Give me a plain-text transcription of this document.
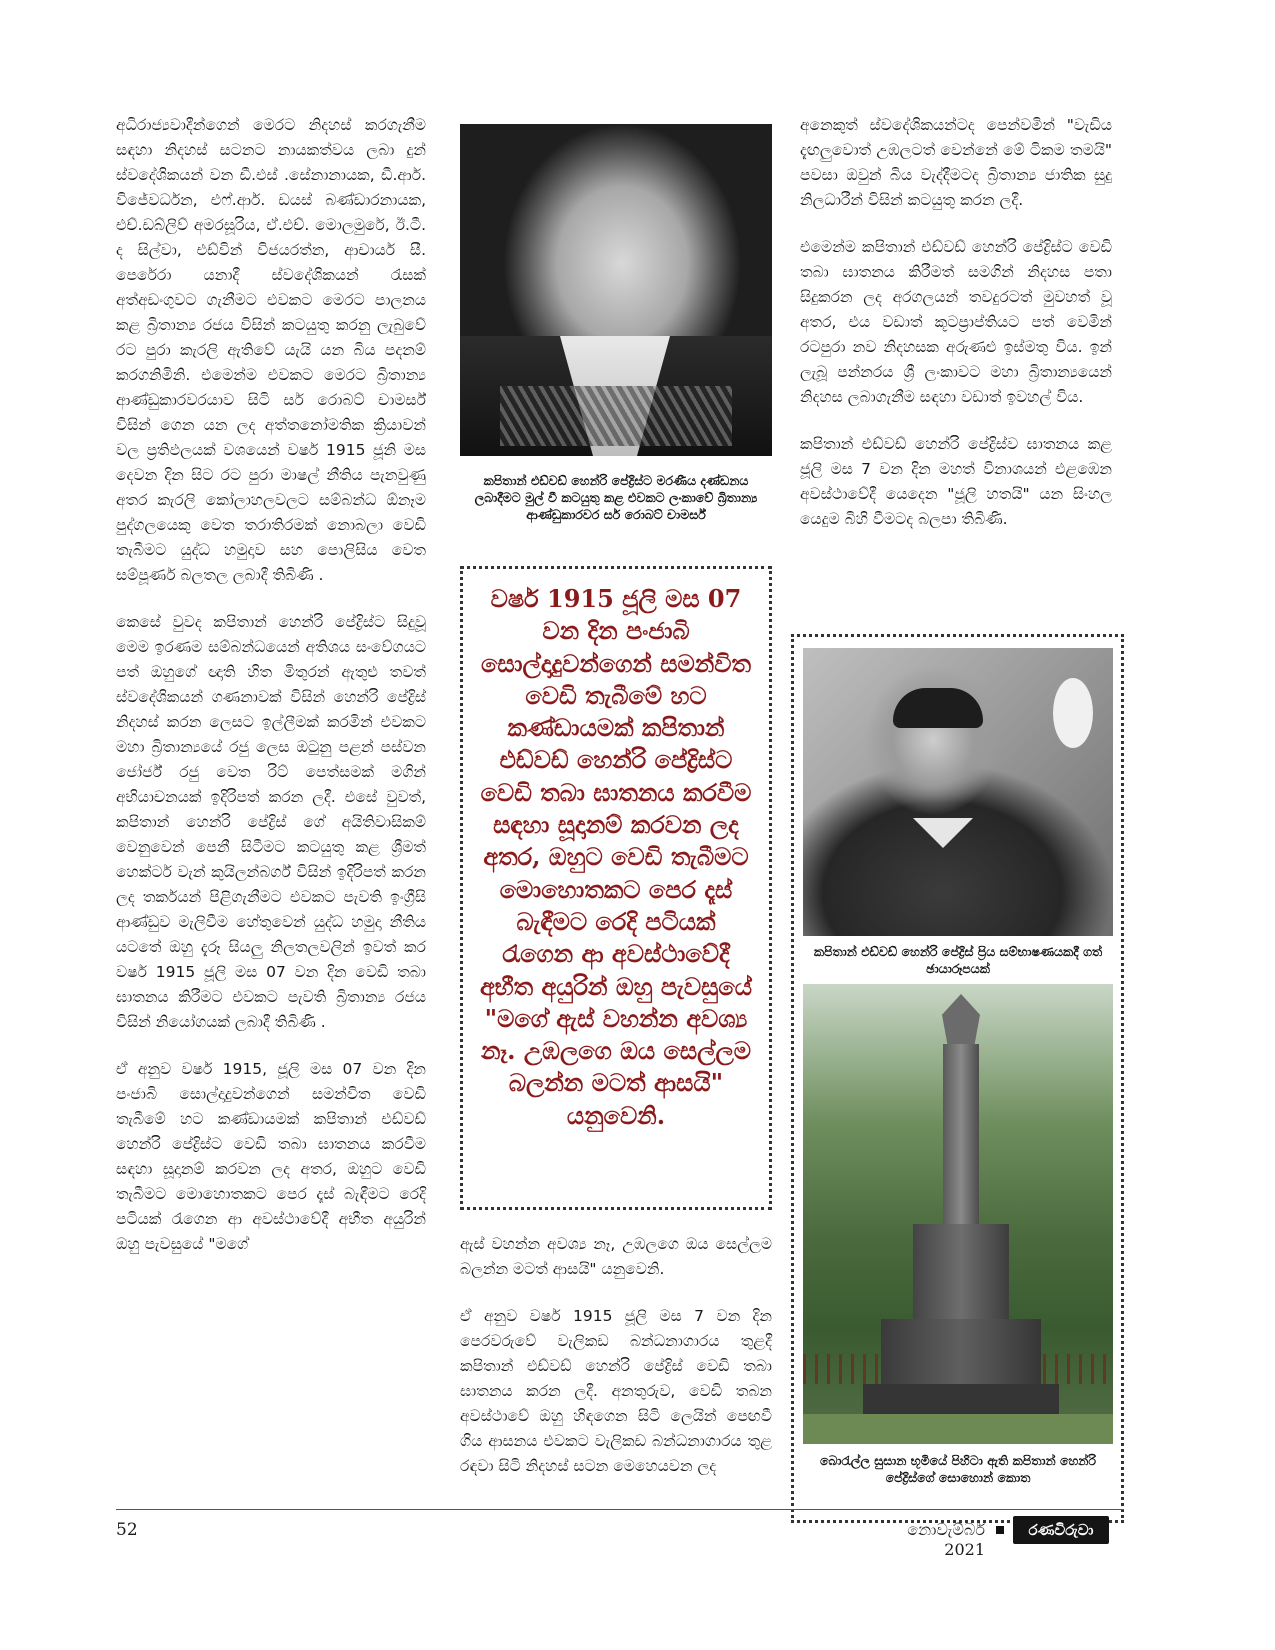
අධිරාජ්‍යවාදීන්ගෙන් මෙරට නිදහස් කරගැනීම සඳහා නිදහස් සටනට නායකත්වය ලබා දුන් ස්වදේශිකයන් වන ඩී.එස් .සේනානායක, ඩී.ආර්. විජේවර්ධන, එෆ්.ආර්. ඩයස් බණ්ඩාරනායක, එච්.ඩබ්ලිව් අමරසූරිය, ඒ.එච්. මොලමුරේ, ඊ.ටී. ද සිල්වා, එඩ්වින් විජයරත්න, ආචාර්ය සී. පෙරේරා යනාදී ස්වදේශිකයන් රැසක් අත්අඩංගුවට ගැනීමට එවකට මෙරට පාලනය කළ බ්‍රිතාන්‍ය රජය විසින් කටයුතු කරනු ලැබුවේ රට පුරා කැරලි ඇතිවේ යැයි යන බිය පදනම් කරගනිමිනි. එමෙන්ම එවකට මෙරට බ්‍රිතාන්‍ය ආණ්ඩුකාරවරයාව සිටි සර් රොබට් චාමර්ස් විසින් ගෙන යන ලද අත්තනෝමතික ක්‍රියාවන් වල ප්‍රතිඵලයක් වශයෙන් වර්ෂ 1915 ජූනි මස දෙවන දින සිට රට පුරා මාෂල් නීතිය පැනවුණු අතර කැරලි කෝලාහලවලට සම්බන්ධ ඕනෑම පුද්ගලයෙකු වෙත තරාතිරමක් නොබලා වෙඩි තැබීමට යුද්ධ හමුදාව සහ පොලිසිය වෙත සම්පූර්ණ බලතල ලබාදී තිබිණි .

කෙසේ වුවද කපිතාන් හෙන්රි පේද්‍රිස්ට සිදුවූ මෙම ඉරණම සම්බන්ධයෙන් අතිශය සංවේගයට පත් ඔහුගේ ඥාති හිත මිතුරන් ඇතුළු තවත් ස්වදේශිකයන් ගණනාවක් විසින් හෙන්රි පේද්‍රිස් නිදහස් කරන ලෙසට ඉල්ලීමක් කරමින් එවකට මහා බ්‍රිතාන්‍යයේ රජු ලෙස ඔටුනු පළන් පස්වන ජෝර්ජ් රජු වෙත රිට් පෙත්සමක් මගින් අභියාචනයක් ඉදිරිපත් කරන ලදී. එසේ වුවත්, කපිතාන් හෙන්රි පේද්‍රිස් ගේ අයිතිවාසිකම් වෙනුවෙන් පෙනී සිටීමට කටයුතු කළ ශ්‍රීමත් හෙක්ටර් වැන් කුයිලන්බර්ග් විසින් ඉදිරිපත් කරන ලද තර්කයන් පිළිගැනීමට එවකට පැවති ඉංග්‍රීසි ආණ්ඩුව මැලිවීම හේතුවෙන් යුද්ධ හමුදා නීතිය යටතේ ඔහු දැරූ සියලු නිලතලවලින් ඉවත් කර වර්ෂ 1915 ජූලි මස 07 වන දින වෙඩි තබා ඝාතනය කිරීමට එවකට පැවති බ්‍රිතාන්‍ය රජය විසින් නියෝගයක් ලබාදී තිබිණි .

ඒ අනුව වර්ෂ 1915, ජූලි මස 07 වන දින පංජාබි සොල්දාදුවන්ගෙන් සමන්විත වෙඩි තැබීමේ හට කණ්ඩායමක් කපිතාන් එඩ්වඩ් හෙන්රි පේද්‍රිස්ට වෙඩි තබා ඝාතනය කරවීම සඳහා සූදානම් කරවන ලද අතර, ඔහුට වෙඩි තැබීමට මොහොතකට පෙර දෑස් බැඳීමට රෙදි පටියක් රැගෙන ආ අවස්ථාවේදී අභීත අයුරින් ඔහු පැවසුයේ "මගේ

කපිතාන් එඩ්වඩ් හෙන්රි පේද්‍රිස්ට මරණීය දණ්ඩනය ලබාදීමට මුල් වී කටයුතු කළ එවකට ලංකාවේ බ්‍රිතාන්‍ය ආණ්ඩුකාරවර සර් රොබට් චාමර්ස්
වර්ෂ 1915 ජූලි මස 07 වන දින පංජාබි සොල්දාදුවන්ගෙන් සමන්විත වෙඩි තැබීමේ හට කණ්ඩායමක් කපිතාන් එඩ්වඩ් හෙන්රි පේද්‍රිස්ට වෙඩි තබා ඝාතනය කරවීම සඳහා සූදානම් කරවන ලද අතර, ඔහුට වෙඩි තැබීමට මොහොතකට පෙර දෑස් බැඳීමට රෙදි පටියක් රැගෙන ආ අවස්ථාවේදී අභීත අයුරින් ඔහු පැවසුයේ "මගේ ඇස් වහන්න අවශ්‍ය නෑ. උඹලගෙ ඔය සෙල්ලම බලන්න මටත් ආසයි" යනුවෙනි.

ඇස් වහන්න අවශ්‍ය නෑ, උඹලගෙ ඔය සෙල්ලම බලන්න මටත් ආසයි" යනුවෙනි.

ඒ අනුව වර්ෂ 1915 ජූලි මස 7 වන දින පෙරවරුවේ වැලිකඩ බන්ධනාගාරය තුළදී කපිතාන් එඩ්වඩ් හෙන්රි පේද්‍රිස් වෙඩි තබා ඝාතනය කරන ලදී. අනතුරුව, වෙඩි තබන අවස්ථාවේ ඔහු හිඳගෙන සිටි ලෙයින් පෙඟවී ගිය ආසනය එවකට වැලිකඩ බන්ධනාගාරය තුළ රඳවා සිටි නිදහස් සටන මෙහෙයවන ලද

අනෙකුත් ස්වදේශිකයන්ටද පෙන්වමින් "වැඩිය දැඟලුවොත් උඹලටත් වෙන්නේ මේ ටිකම තමයි" පවසා ඔවුන් බිය වැද්දීමටද බ්‍රිතාන්‍ය ජාතික සුදු නිලධාරීන් විසින් කටයුතු කරන ලදී.

එමෙන්ම කපිතාන් එඩ්වඩ් හෙන්රි පේද්‍රිස්ට වෙඩි තබා ඝාතනය කිරීමත් සමගින් නිදහස පතා සිදුකරන ලද අරගලයන් තවදුරටත් මුවහත් වූ අතර, එය වඩාත් කූටප්‍රාප්තියට පත් වෙමින් රටපුරා නව නිදහසක අරුණළු ඉස්මතු විය. ඉන් ලැබූ පන්නරය ශ්‍රී ලංකාවට මහා බ්‍රිතාන්‍යයෙන් නිදහස ලබාගැනීම සඳහා වඩාත් ඉවහල් විය.

කපිතාන් එඩ්වඩ් හෙන්රි පේද්‍රිස්ව ඝාතනය කළ ජූලි මස 7 වන දින මහත් විනාශයන් එළඹෙන අවස්ථාවේදී යෙදෙන "ජූලි හතයි" යන සිංහල යෙදුම බිහි වීමටද බලපා තිබිණි.

කපිතාන් එඩ්වඩ් හෙන්රි පේද්‍රිස් ප්‍රිය සම්භාෂණයකදී ගත් ඡායාරූපයක්
බොරැල්ල සුසාන භූමියේ පිහිටා ඇති කපිතාන් හෙන්රි පේද්‍රිස්ගේ සොහොන් කොත
52	නොවැම්බර් 2021
රණවිරුවා
